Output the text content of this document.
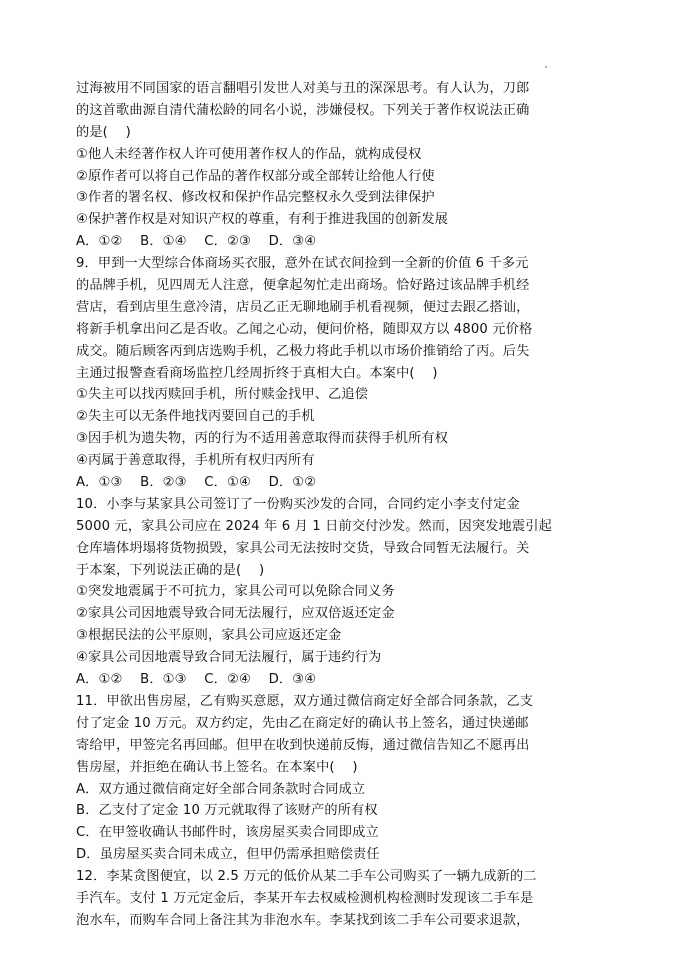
过海被用不同国家的语言翻唱引发世人对美与丑的深深思考。有人认为，刀郎
的这首歌曲源自清代蒲松龄的同名小说，涉嫌侵权。下列关于著作权说法正确
的是(　 )
①他人未经著作权人许可使用著作权人的作品，就构成侵权
②原作者可以将自己作品的著作权部分或全部转让给他人行使
③作者的署名权、修改权和保护作品完整权永久受到法律保护
④保护著作权是对知识产权的尊重，有利于推进我国的创新发展
A．①②　 B．①④　 C．②③　 D．③④
9．甲到一大型综合体商场买衣服，意外在试衣间捡到一全新的价值 6 千多元
的品牌手机，见四周无人注意，便拿起匆忙走出商场。恰好路过该品牌手机经
营店，看到店里生意冷清，店员乙正无聊地刷手机看视频，便过去跟乙搭讪，
将新手机拿出问乙是否收。乙闻之心动，便问价格，随即双方以 4800 元价格
成交。随后顾客丙到店选购手机，乙极力将此手机以市场价推销给了丙。后失
主通过报警查看商场监控几经周折终于真相大白。本案中(　 )
①失主可以找丙赎回手机，所付赎金找甲、乙追偿
②失主可以无条件地找丙要回自己的手机
③因手机为遗失物，丙的行为不适用善意取得而获得手机所有权
④丙属于善意取得，手机所有权归丙所有
A．①③　 B．②③　 C．①④　 D．①②
10．小李与某家具公司签订了一份购买沙发的合同，合同约定小李支付定金
5000 元，家具公司应在 2024 年 6 月 1 日前交付沙发。然而，因突发地震引起
仓库墙体坍塌将货物损毁，家具公司无法按时交货，导致合同暂无法履行。关
于本案，下列说法正确的是(　 )
①突发地震属于不可抗力，家具公司可以免除合同义务
②家具公司因地震导致合同无法履行，应双倍返还定金
③根据民法的公平原则，家具公司应返还定金
④家具公司因地震导致合同无法履行，属于违约行为
A．①②　 B．①③　 C．②④　 D．③④
11．甲欲出售房屋，乙有购买意愿，双方通过微信商定好全部合同条款，乙支
付了定金 10 万元。双方约定，先由乙在商定好的确认书上签名，通过快递邮
寄给甲，甲签完名再回邮。但甲在收到快递前反悔，通过微信告知乙不愿再出
售房屋，并拒绝在确认书上签名。在本案中(　 )
A．双方通过微信商定好全部合同条款时合同成立
B．乙支付了定金 10 万元就取得了该财产的所有权
C．在甲签收确认书邮件时，该房屋买卖合同即成立
D．虽房屋买卖合同未成立，但甲仍需承担赔偿责任
12．李某贪图便宜，以 2.5 万元的低价从某二手车公司购买了一辆九成新的二
手汽车。支付 1 万元定金后，李某开车去权威检测机构检测时发现该二手车是
泡水车，而购车合同上备注其为非泡水车。李某找到该二手车公司要求退款，
